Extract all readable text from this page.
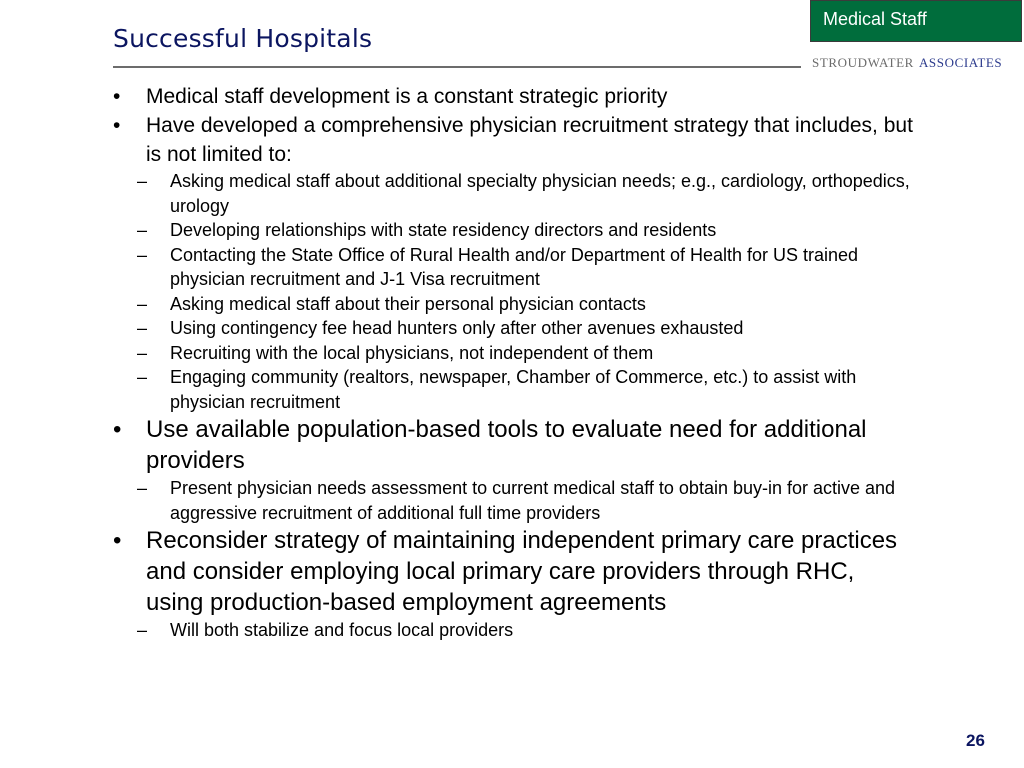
Successful Hospitals
Medical Staff
STROUDWATER ASSOCIATES
•	Medical staff development is a constant strategic priority
•	Have developed a comprehensive physician recruitment strategy that includes, but is not limited to:
–	Asking medical staff about additional specialty physician needs; e.g., cardiology, orthopedics, urology
–	Developing relationships with state residency directors and residents
–	Contacting the State Office of Rural Health and/or Department of Health for US trained physician recruitment and J-1 Visa recruitment
–	Asking medical staff about their personal physician contacts
–	Using contingency fee head hunters only after other avenues exhausted
–	Recruiting with the local physicians, not independent of them
–	Engaging community (realtors, newspaper, Chamber of Commerce, etc.) to assist with physician recruitment
•	Use available population-based tools to evaluate need for additional providers
–	Present physician needs assessment to current medical staff to obtain buy-in for active and aggressive recruitment of additional full time providers
•	Reconsider strategy of maintaining independent primary care practices and consider employing local primary care providers through RHC, using production-based employment agreements
–	Will both stabilize and focus local providers
26
